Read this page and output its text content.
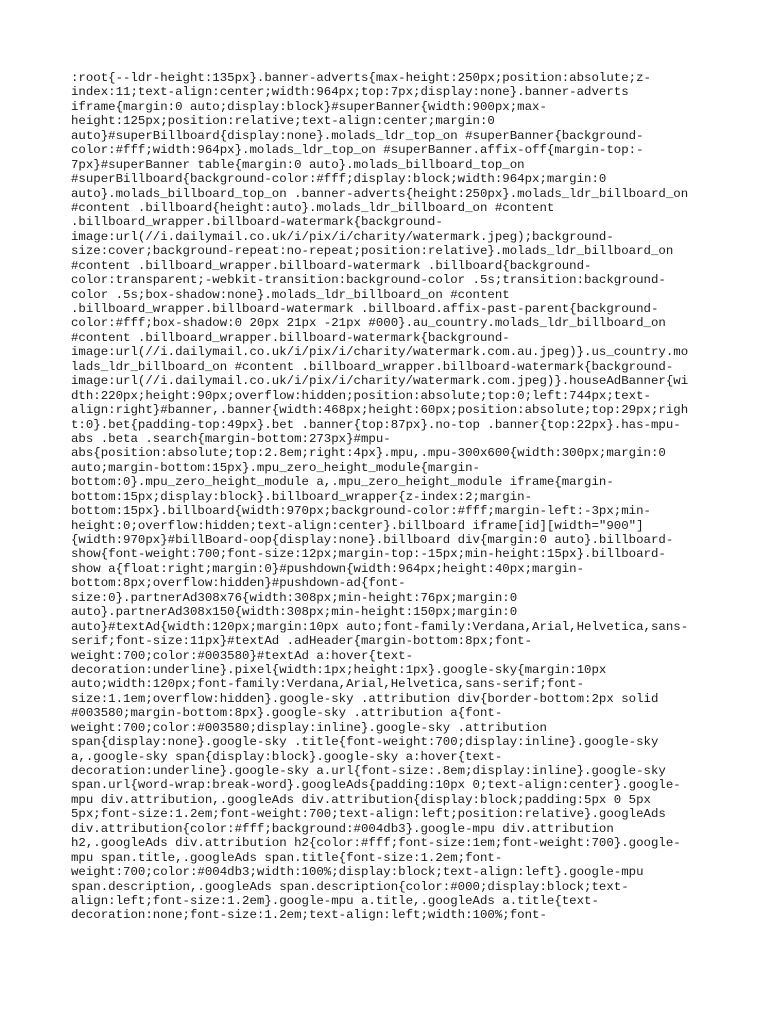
:root{--ldr-height:135px}.banner-adverts{max-height:250px;position:absolute;z-
index:11;text-align:center;width:964px;top:7px;display:none}.banner-adverts
iframe{margin:0 auto;display:block}#superBanner{width:900px;max-
height:125px;position:relative;text-align:center;margin:0
auto}#superBillboard{display:none}.molads_ldr_top_on #superBanner{background-
color:#fff;width:964px}.molads_ldr_top_on #superBanner.affix-off{margin-top:-
7px}#superBanner table{margin:0 auto}.molads_billboard_top_on
#superBillboard{background-color:#fff;display:block;width:964px;margin:0
auto}.molads_billboard_top_on .banner-adverts{height:250px}.molads_ldr_billboard_on
#content .billboard{height:auto}.molads_ldr_billboard_on #content
.billboard_wrapper.billboard-watermark{background-
image:url(//i.dailymail.co.uk/i/pix/i/charity/watermark.jpeg);background-
size:cover;background-repeat:no-repeat;position:relative}.molads_ldr_billboard_on
#content .billboard_wrapper.billboard-watermark .billboard{background-
color:transparent;-webkit-transition:background-color .5s;transition:background-
color .5s;box-shadow:none}.molads_ldr_billboard_on #content
.billboard_wrapper.billboard-watermark .billboard.affix-past-parent{background-
color:#fff;box-shadow:0 20px 21px -21px #000}.au_country.molads_ldr_billboard_on
#content .billboard_wrapper.billboard-watermark{background-
image:url(//i.dailymail.co.uk/i/pix/i/charity/watermark.com.au.jpeg)}.us_country.mo
lads_ldr_billboard_on #content .billboard_wrapper.billboard-watermark{background-
image:url(//i.dailymail.co.uk/i/pix/i/charity/watermark.com.jpeg)}.houseAdBanner{wi
dth:220px;height:90px;overflow:hidden;position:absolute;top:0;left:744px;text-
align:right}#banner,.banner{width:468px;height:60px;position:absolute;top:29px;righ
t:0}.bet{padding-top:49px}.bet .banner{top:87px}.no-top .banner{top:22px}.has-mpu-
abs .beta .search{margin-bottom:273px}#mpu-
abs{position:absolute;top:2.8em;right:4px}.mpu,.mpu-300x600{width:300px;margin:0
auto;margin-bottom:15px}.mpu_zero_height_module{margin-
bottom:0}.mpu_zero_height_module a,.mpu_zero_height_module iframe{margin-
bottom:15px;display:block}.billboard_wrapper{z-index:2;margin-
bottom:15px}.billboard{width:970px;background-color:#fff;margin-left:-3px;min-
height:0;overflow:hidden;text-align:center}.billboard iframe[id][width="900"]
{width:970px}#billBoard-oop{display:none}.billboard div{margin:0 auto}.billboard-
show{font-weight:700;font-size:12px;margin-top:-15px;min-height:15px}.billboard-
show a{float:right;margin:0}#pushdown{width:964px;height:40px;margin-
bottom:8px;overflow:hidden}#pushdown-ad{font-
size:0}.partnerAd308x76{width:308px;min-height:76px;margin:0
auto}.partnerAd308x150{width:308px;min-height:150px;margin:0
auto}#textAd{width:120px;margin:10px auto;font-family:Verdana,Arial,Helvetica,sans-
serif;font-size:11px}#textAd .adHeader{margin-bottom:8px;font-
weight:700;color:#003580}#textAd a:hover{text-
decoration:underline}.pixel{width:1px;height:1px}.google-sky{margin:10px
auto;width:120px;font-family:Verdana,Arial,Helvetica,sans-serif;font-
size:1.1em;overflow:hidden}.google-sky .attribution div{border-bottom:2px solid
#003580;margin-bottom:8px}.google-sky .attribution a{font-
weight:700;color:#003580;display:inline}.google-sky .attribution
span{display:none}.google-sky .title{font-weight:700;display:inline}.google-sky
a,.google-sky span{display:block}.google-sky a:hover{text-
decoration:underline}.google-sky a.url{font-size:.8em;display:inline}.google-sky
span.url{word-wrap:break-word}.googleAds{padding:10px 0;text-align:center}.google-
mpu div.attribution,.googleAds div.attribution{display:block;padding:5px 0 5px
5px;font-size:1.2em;font-weight:700;text-align:left;position:relative}.googleAds
div.attribution{color:#fff;background:#004db3}.google-mpu div.attribution
h2,.googleAds div.attribution h2{color:#fff;font-size:1em;font-weight:700}.google-
mpu span.title,.googleAds span.title{font-size:1.2em;font-
weight:700;color:#004db3;width:100%;display:block;text-align:left}.google-mpu
span.description,.googleAds span.description{color:#000;display:block;text-
align:left;font-size:1.2em}.google-mpu a.title,.googleAds a.title{text-
decoration:none;font-size:1.2em;text-align:left;width:100%;font-
